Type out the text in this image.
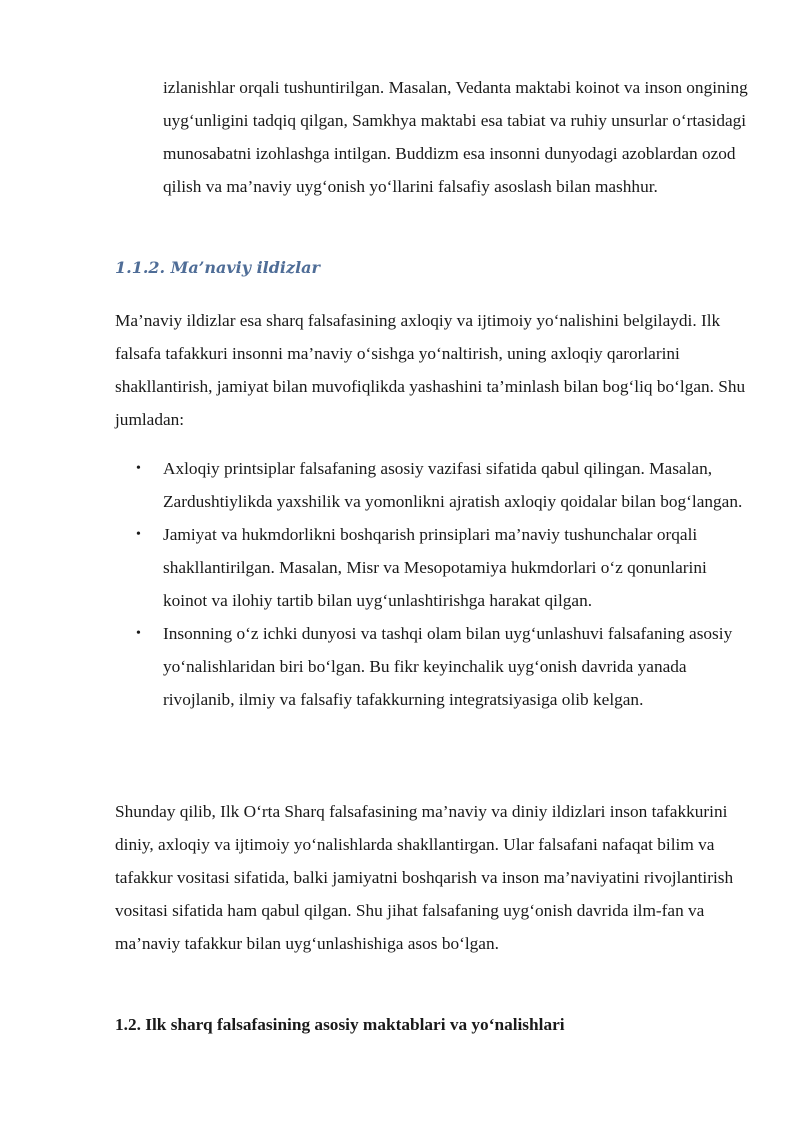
izlanishlar orqali tushuntirilgan. Masalan, Vedanta maktabi koinot va inson ongining uyg‘unligini tadqiq qilgan, Samkhya maktabi esa tabiat va ruhiy unsurlar o‘rtasidagi munosabatni izohlashga intilgan. Buddizm esa insonni dunyodagi azoblardan ozod qilish va ma’naviy uyg‘onish yo‘llarini falsafiy asoslash bilan mashhur.

1.1.2. Ma’naviy ildizlar

Ma’naviy ildizlar esa sharq falsafasining axloqiy va ijtimoiy yo‘nalishini belgilaydi. Ilk falsafa tafakkuri insonni ma’naviy o‘sishga yo‘naltirish, uning axloqiy qarorlarini shakllantirish, jamiyat bilan muvofiqlikda yashashini ta’minlash bilan bog‘liq bo‘lgan. Shu jumladan:

• Axloqiy printsiplar falsafaning asosiy vazifasi sifatida qabul qilingan. Masalan, Zardushtiylikda yaxshilik va yomonlikni ajratish axloqiy qoidalar bilan bog‘langan.
• Jamiyat va hukmdorlikni boshqarish prinsiplari ma’naviy tushunchalar orqali shakllantirilgan. Masalan, Misr va Mesopotamiya hukmdorlari o‘z qonunlarini koinot va ilohiy tartib bilan uyg‘unlashtirishga harakat qilgan.
• Insonning o‘z ichki dunyosi va tashqi olam bilan uyg‘unlashuvi falsafaning asosiy yo‘nalishlaridan biri bo‘lgan. Bu fikr keyinchalik uyg‘onish davrida yanada rivojlanib, ilmiy va falsafiy tafakkurning integratsiyasiga olib kelgan.

Shunday qilib, Ilk O‘rta Sharq falsafasining ma’naviy va diniy ildizlari inson tafakkurini diniy, axloqiy va ijtimoiy yo‘nalishlarda shakllantirgan. Ular falsafani nafaqat bilim va tafakkur vositasi sifatida, balki jamiyatni boshqarish va inson ma’naviyatini rivojlantirish vositasi sifatida ham qabul qilgan. Shu jihat falsafaning uyg‘onish davrida ilm-fan va ma’naviy tafakkur bilan uyg‘unlashishiga asos bo‘lgan.

1.2. Ilk sharq falsafasining asosiy maktablari va yo‘nalishlari
